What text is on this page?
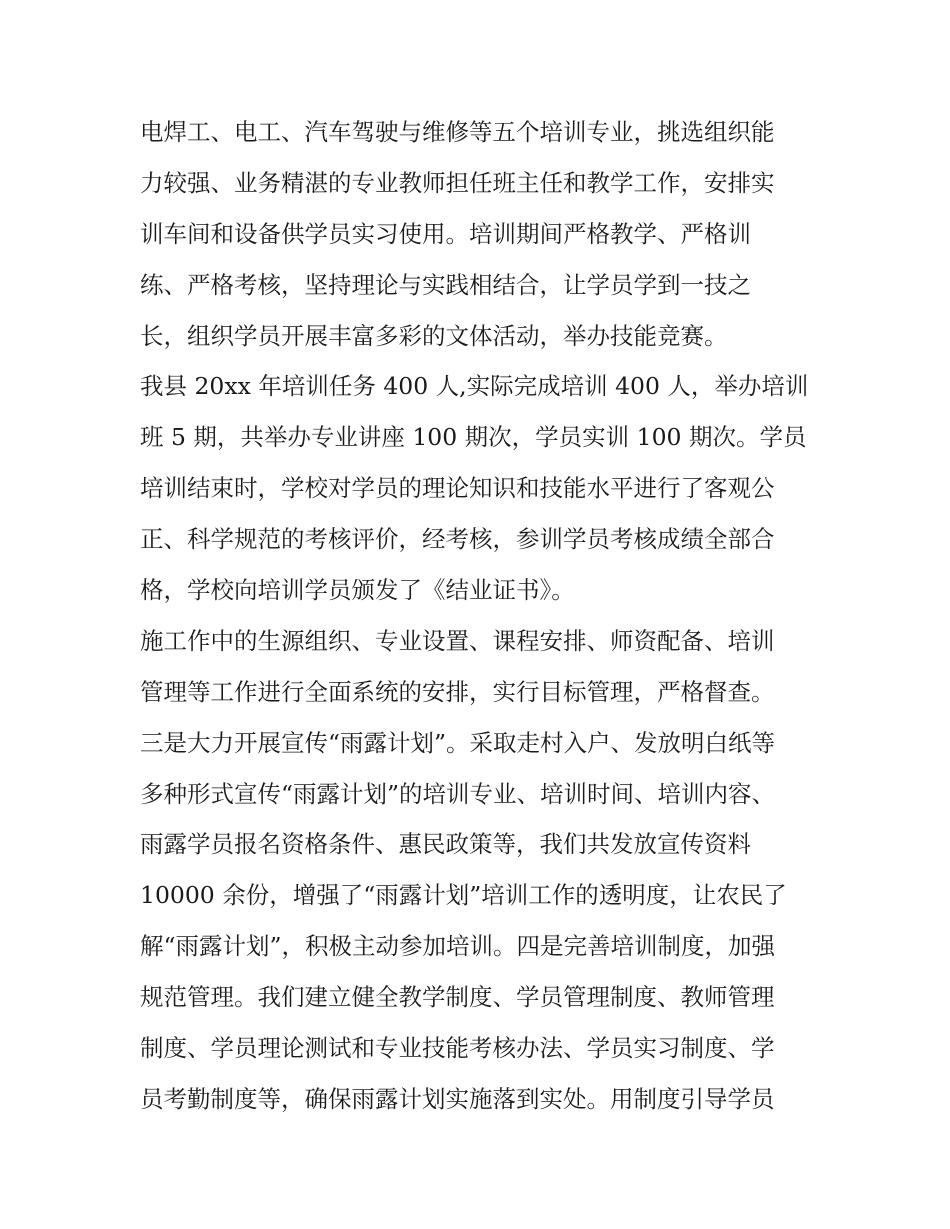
电焊工、电工、汽车驾驶与维修等五个培训专业，挑选组织能
力较强、业务精湛的专业教师担任班主任和教学工作，安排实
训车间和设备供学员实习使用。培训期间严格教学、严格训
练、严格考核，坚持理论与实践相结合，让学员学到一技之
长，组织学员开展丰富多彩的文体活动，举办技能竞赛。
我县 20xx 年培训任务 400 人,实际完成培训 400 人，举办培训
班 5 期，共举办专业讲座 100 期次，学员实训 100 期次。学员
培训结束时，学校对学员的理论知识和技能水平进行了客观公
正、科学规范的考核评价，经考核，参训学员考核成绩全部合
格，学校向培训学员颁发了《结业证书》。
施工作中的生源组织、专业设置、课程安排、师资配备、培训
管理等工作进行全面系统的安排，实行目标管理，严格督查。
三是大力开展宣传“雨露计划”。采取走村入户、发放明白纸等
多种形式宣传“雨露计划”的培训专业、培训时间、培训内容、
雨露学员报名资格条件、惠民政策等，我们共发放宣传资料
10000 余份，增强了“雨露计划”培训工作的透明度，让农民了
解“雨露计划”，积极主动参加培训。四是完善培训制度，加强
规范管理。我们建立健全教学制度、学员管理制度、教师管理
制度、学员理论测试和专业技能考核办法、学员实习制度、学
员考勤制度等，确保雨露计划实施落到实处。用制度引导学员
